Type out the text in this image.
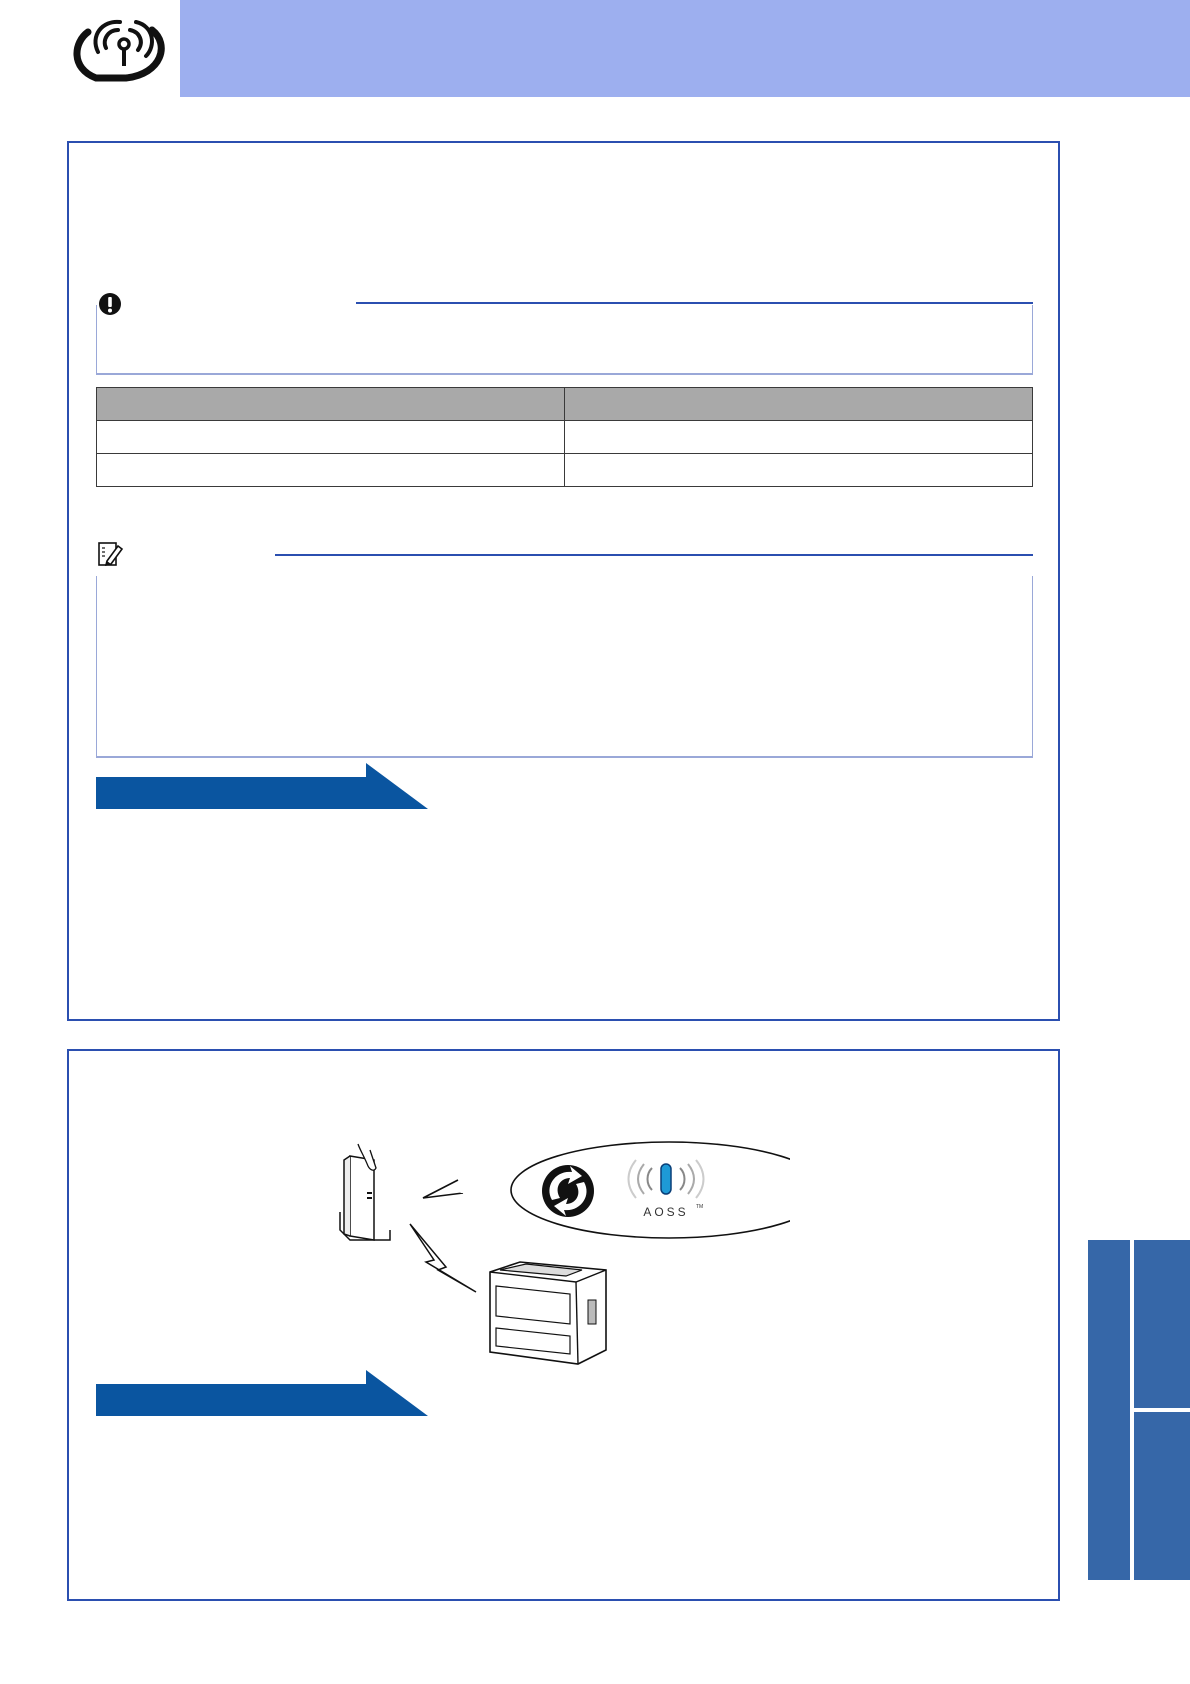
AOSS TM
